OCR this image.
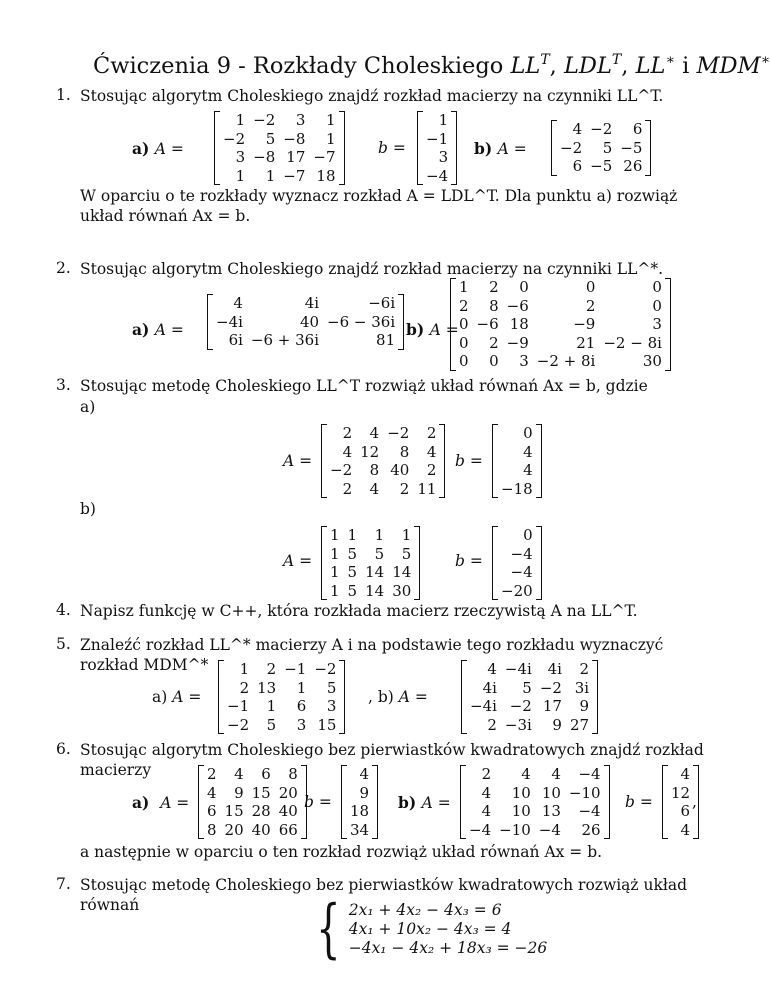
Ćwiczenia 9 - Rozkłady Choleskiego $LL^T$, $LDL^T$, LL∗ i MDM∗
1. Stosując algorytm Choleskiego znajdź rozkład macierzy na czynniki LL^T.
a) A =
1	−2	3	1
−2	5	−8	1
3	−8	17	−7
1	1	−7	18
b =
1
−1
3
−4
b) A =
4	−2	6
−2	5	−5
6	−5	26
W oparciu o te rozkłady wyznacz rozkład A = LDL^T. Dla punktu a) rozwiąż układ równań Ax = b.
2. Stosując algorytm Choleskiego znajdź rozkład macierzy na czynniki LL^*.
a) A =
4	4i	−6i
−4i	40	−6 − 36i
6i	−6 + 36i	81
b) A =
1	2	0	0	0
2	8	−6	2	0
0	−6	18	−9	3
0	2	−9	21	−2 − 8i
0	0	3	−2 + 8i	30
3. Stosując metodę Choleskiego LL^T rozwiąż układ równań Ax = b, gdzie
a)
A =
2	4	−2	2
4	12	8	4
−2	8	40	2
2	4	2	11
b =
0
4
4
−18
b)
A =
1	1	1	1
1	5	5	5
1	5	14	14
1	5	14	30
b =
0
−4
−4
−20
4. Napisz funkcję w C++, która rozkłada macierz rzeczywistą A na LL^T.
5. Znaleźć rozkład LL^* macierzy A i na podstawie tego rozkładu wyznaczyć rozkład MDM^*
a) A =
1	2	−1	−2
2	13	1	5
−1	1	6	3
−2	5	3	15
, b) A =
4	−4i	4i	2
4i	5	−2	3i
−4i	−2	17	9
2	−3i	9	27
6. Stosując algorytm Choleskiego bez pierwiastków kwadratowych znajdź rozkład macierzy
a) A =
2	4	6	8
4	9	15	20
6	15	28	40
8	20	40	66
b =
4
9
18
34
b) A =
2	4	4	−4
4	10	10	−10
4	10	13	−4
−4	−10	−4	26
b =
4
12
6
4
,
a następnie w oparciu o ten rozkład rozwiąż układ równań Ax = b.
7. Stosując metodę Choleskiego bez pierwiastków kwadratowych rozwiąż układ równań	{ 2x₁ + 4x₂ − 4x₃ = 6
4x₁ + 10x₂ − 4x₃ = 4
−4x₁ − 4x₂ + 18x₃ = −26
